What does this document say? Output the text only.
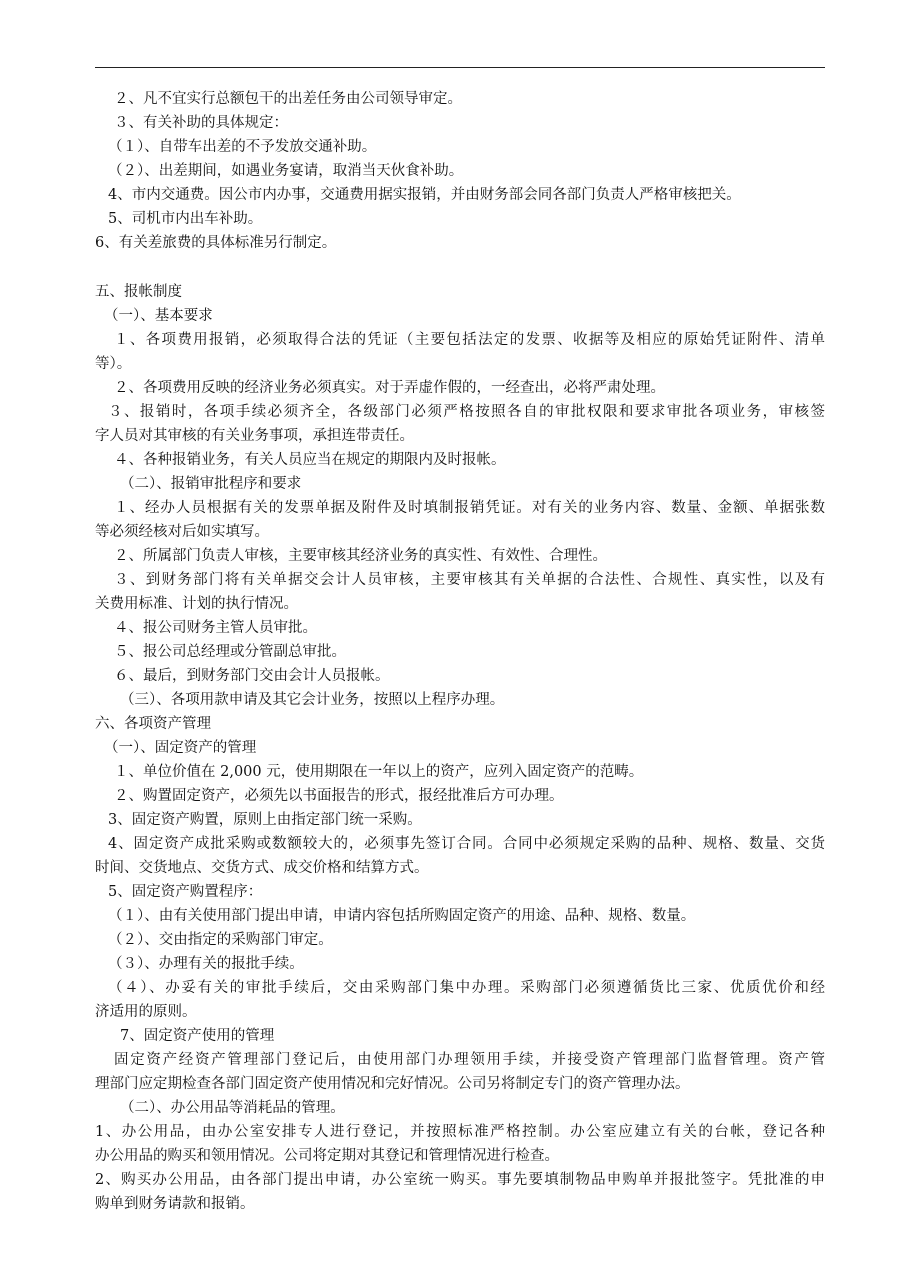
２、凡不宜实行总额包干的出差任务由公司领导审定。
３、有关补助的具体规定：
（１）、自带车出差的不予发放交通补助。
（２）、出差期间，如遇业务宴请，取消当天伙食补助。
4、市内交通费。因公市内办事，交通费用据实报销，并由财务部会同各部门负责人严格审核把关。
5、司机市内出车补助。
6、有关差旅费的具体标准另行制定。
五、报帐制度
（一）、基本要求
１、各项费用报销，必须取得合法的凭证（主要包括法定的发票、收据等及相应的原始凭证附件、清单
等）。
２、各项费用反映的经济业务必须真实。对于弄虚作假的，一经查出，必将严肃处理。
３、报销时，各项手续必须齐全，各级部门必须严格按照各自的审批权限和要求审批各项业务，审核签
字人员对其审核的有关业务事项，承担连带责任。
４、各种报销业务，有关人员应当在规定的期限内及时报帐。
（二）、报销审批程序和要求
１、经办人员根据有关的发票单据及附件及时填制报销凭证。对有关的业务内容、数量、金额、单据张数
等必须经核对后如实填写。
２、所属部门负责人审核，主要审核其经济业务的真实性、有效性、合理性。
３、到财务部门将有关单据交会计人员审核，主要审核其有关单据的合法性、合规性、真实性，以及有
关费用标准、计划的执行情况。
４、报公司财务主管人员审批。
５、报公司总经理或分管副总审批。
６、最后，到财务部门交由会计人员报帐。
（三）、各项用款申请及其它会计业务，按照以上程序办理。
六、各项资产管理
（一）、固定资产的管理
１、单位价值在 2,000 元，使用期限在一年以上的资产，应列入固定资产的范畴。
２、购置固定资产，必须先以书面报告的形式，报经批准后方可办理。
3、固定资产购置，原则上由指定部门统一采购。
4、固定资产成批采购或数额较大的，必须事先签订合同。合同中必须规定采购的品种、规格、数量、交货
时间、交货地点、交货方式、成交价格和结算方式。
5、固定资产购置程序：
（１）、由有关使用部门提出申请，申请内容包括所购固定资产的用途、品种、规格、数量。
（２）、交由指定的采购部门审定。
（３）、办理有关的报批手续。
（４）、办妥有关的审批手续后，交由采购部门集中办理。采购部门必须遵循货比三家、优质优价和经
济适用的原则。
7、固定资产使用的管理
固定资产经资产管理部门登记后，由使用部门办理领用手续，并接受资产管理部门监督管理。资产管
理部门应定期检查各部门固定资产使用情况和完好情况。公司另将制定专门的资产管理办法。
（二）、办公用品等消耗品的管理。
1、办公用品，由办公室安排专人进行登记，并按照标准严格控制。办公室应建立有关的台帐，登记各种
办公用品的购买和领用情况。公司将定期对其登记和管理情况进行检查。
2、购买办公用品，由各部门提出申请，办公室统一购买。事先要填制物品申购单并报批签字。凭批准的申
购单到财务请款和报销。
